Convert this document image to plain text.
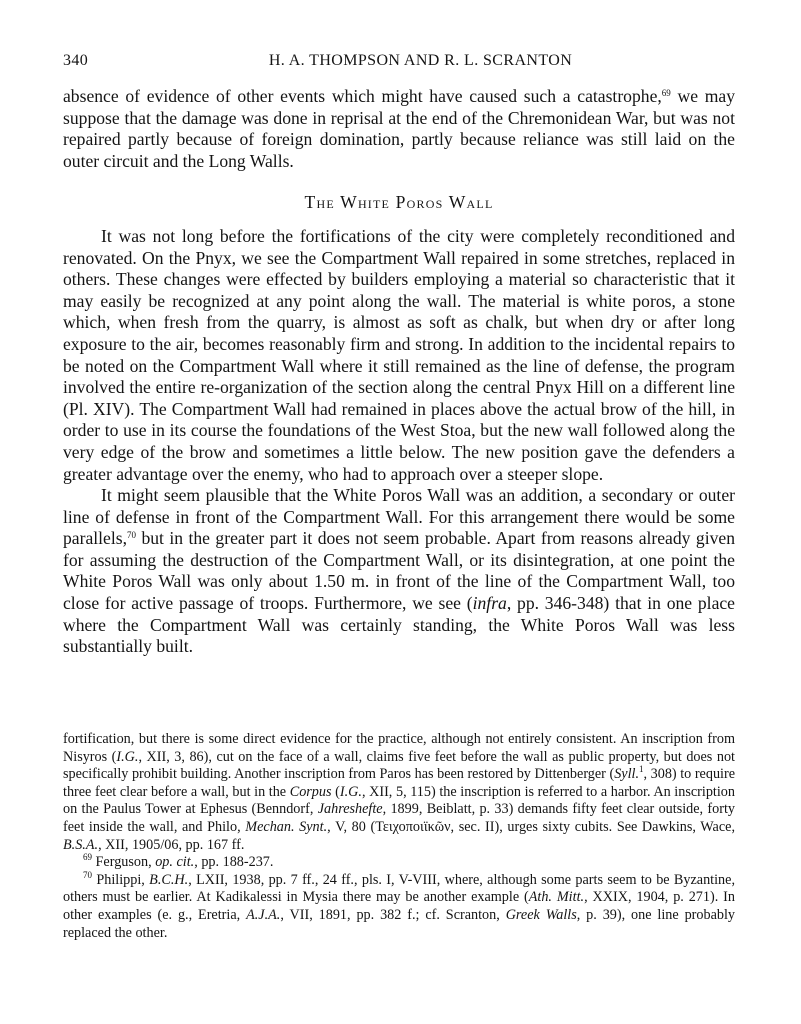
340	H. A. THOMPSON AND R. L. SCRANTON

absence of evidence of other events which might have caused such a catastrophe,$^{69}$ we may suppose that the damage was done in reprisal at the end of the Chremonidean War, but was not repaired partly because of foreign domination, partly because reliance was still laid on the outer circuit and the Long Walls.

The White Poros Wall

It was not long before the fortifications of the city were completely reconditioned and renovated. On the Pnyx, we see the Compartment Wall repaired in some stretches, replaced in others. These changes were effected by builders employing a material so characteristic that it may easily be recognized at any point along the wall. The material is white poros, a stone which, when fresh from the quarry, is almost as soft as chalk, but when dry or after long exposure to the air, becomes reasonably firm and strong. In addition to the incidental repairs to be noted on the Compartment Wall where it still remained as the line of defense, the program involved the entire re-organization of the section along the central Pnyx Hill on a different line (Pl. XIV). The Compartment Wall had remained in places above the actual brow of the hill, in order to use in its course the foundations of the West Stoa, but the new wall followed along the very edge of the brow and sometimes a little below. The new position gave the defenders a greater advantage over the enemy, who had to approach over a steeper slope.

It might seem plausible that the White Poros Wall was an addition, a secondary or outer line of defense in front of the Compartment Wall. For this arrangement there would be some parallels,$^{70}$ but in the greater part it does not seem probable. Apart from reasons already given for assuming the destruction of the Compartment Wall, or its disintegration, at one point the White Poros Wall was only about 1.50 m. in front of the line of the Compartment Wall, too close for active passage of troops. Furthermore, we see (infra, pp. 346-348) that in one place where the Compartment Wall was certainly standing, the White Poros Wall was less substantially built.

fortification, but there is some direct evidence for the practice, although not entirely consistent. An inscription from Nisyros (I.G., XII, 3, 86), cut on the face of a wall, claims five feet before the wall as public property, but does not specifically prohibit building. Another inscription from Paros has been restored by Dittenberger (Syll.$^1$, 308) to require three feet clear before a wall, but in the Corpus (I.G., XII, 5, 115) the inscription is referred to a harbor. An inscription on the Paulus Tower at Ephesus (Benndorf, Jahreshefte, 1899, Beiblatt, p. 33) demands fifty feet clear outside, forty feet inside the wall, and Philo, Mechan. Synt., V, 80 (Τειχοποιϊκῶν, sec. II), urges sixty cubits. See Dawkins, Wace, B.S.A., XII, 1905/06, pp. 167 ff.

$^{69}$ Ferguson, op. cit., pp. 188-237.

$^{70}$ Philippi, B.C.H., LXII, 1938, pp. 7 ff., 24 ff., pls. I, V-VIII, where, although some parts seem to be Byzantine, others must be earlier. At Kadikalessi in Mysia there may be another example (Ath. Mitt., XXIX, 1904, p. 271). In other examples (e. g., Eretria, A.J.A., VII, 1891, pp. 382 f.; cf. Scranton, Greek Walls, p. 39), one line probably replaced the other.
